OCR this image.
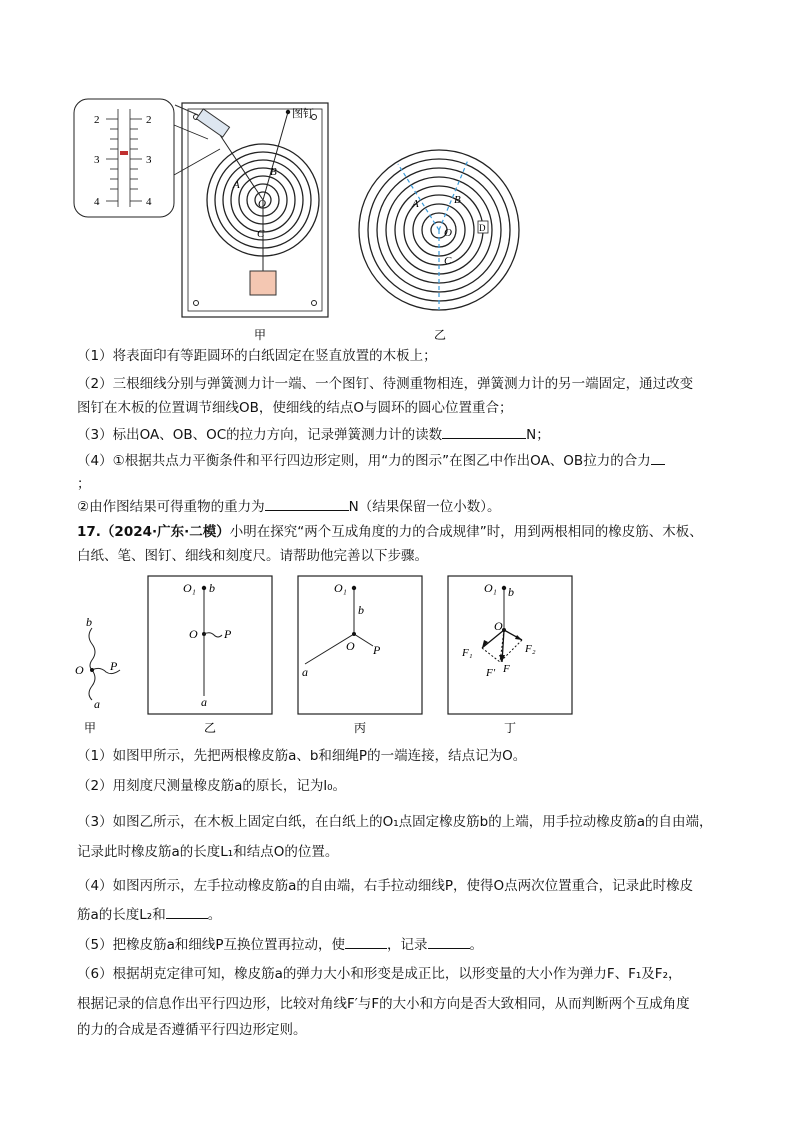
2
3
4
2
3
4
图钉
A
B
O
C
甲
A	B
O
C
D
乙
（1）将表面印有等距圆环的白纸固定在竖直放置的木板上；
（2）三根细线分别与弹簧测力计一端、一个图钉、待测重物相连，弹簧测力计的另一端固定，通过改变
图钉在木板的位置调节细线OB，使细线的结点O与圆环的圆心位置重合；
（3）标出OA、OB、OC的拉力方向，记录弹簧测力计的读数	N；
（4）①根据共点力平衡条件和平行四边形定则，用“力的图示”在图乙中作出OA、OB拉力的合力
；
②由作图结果可得重物的重力为	N（结果保留一位小数）。
17.（2024·广东·二模）小明在探究“两个互成角度的力的合成规律”时，用到两根相同的橡皮筋、木板、
白纸、笔、图钉、细线和刻度尺。请帮助他完善以下步骤。
b
O P
a
甲
O₁ b
O P
a
乙
O₁
b
O P
a
丙
O₁ b
O
F₁	F₂
F′ F
丁
（1）如图甲所示，先把两根橡皮筋a、b和细绳P的一端连接，结点记为O。
（2）用刻度尺测量橡皮筋a的原长，记为l₀。
（3）如图乙所示，在木板上固定白纸，在白纸上的O₁点固定橡皮筋b的上端，用手拉动橡皮筋a的自由端，
记录此时橡皮筋a的长度L₁和结点O的位置。
（4）如图丙所示，左手拉动橡皮筋a的自由端，右手拉动细线P，使得O点两次位置重合，记录此时橡皮
筋a的长度L₂和	。
（5）把橡皮筋a和细线P互换位置再拉动，使	，记录	。
（6）根据胡克定律可知，橡皮筋a的弹力大小和形变是成正比，以形变量的大小作为弹力F、F₁及F₂，
根据记录的信息作出平行四边形，比较对角线F′与F的大小和方向是否大致相同，从而判断两个互成角度
的力的合成是否遵循平行四边形定则。
